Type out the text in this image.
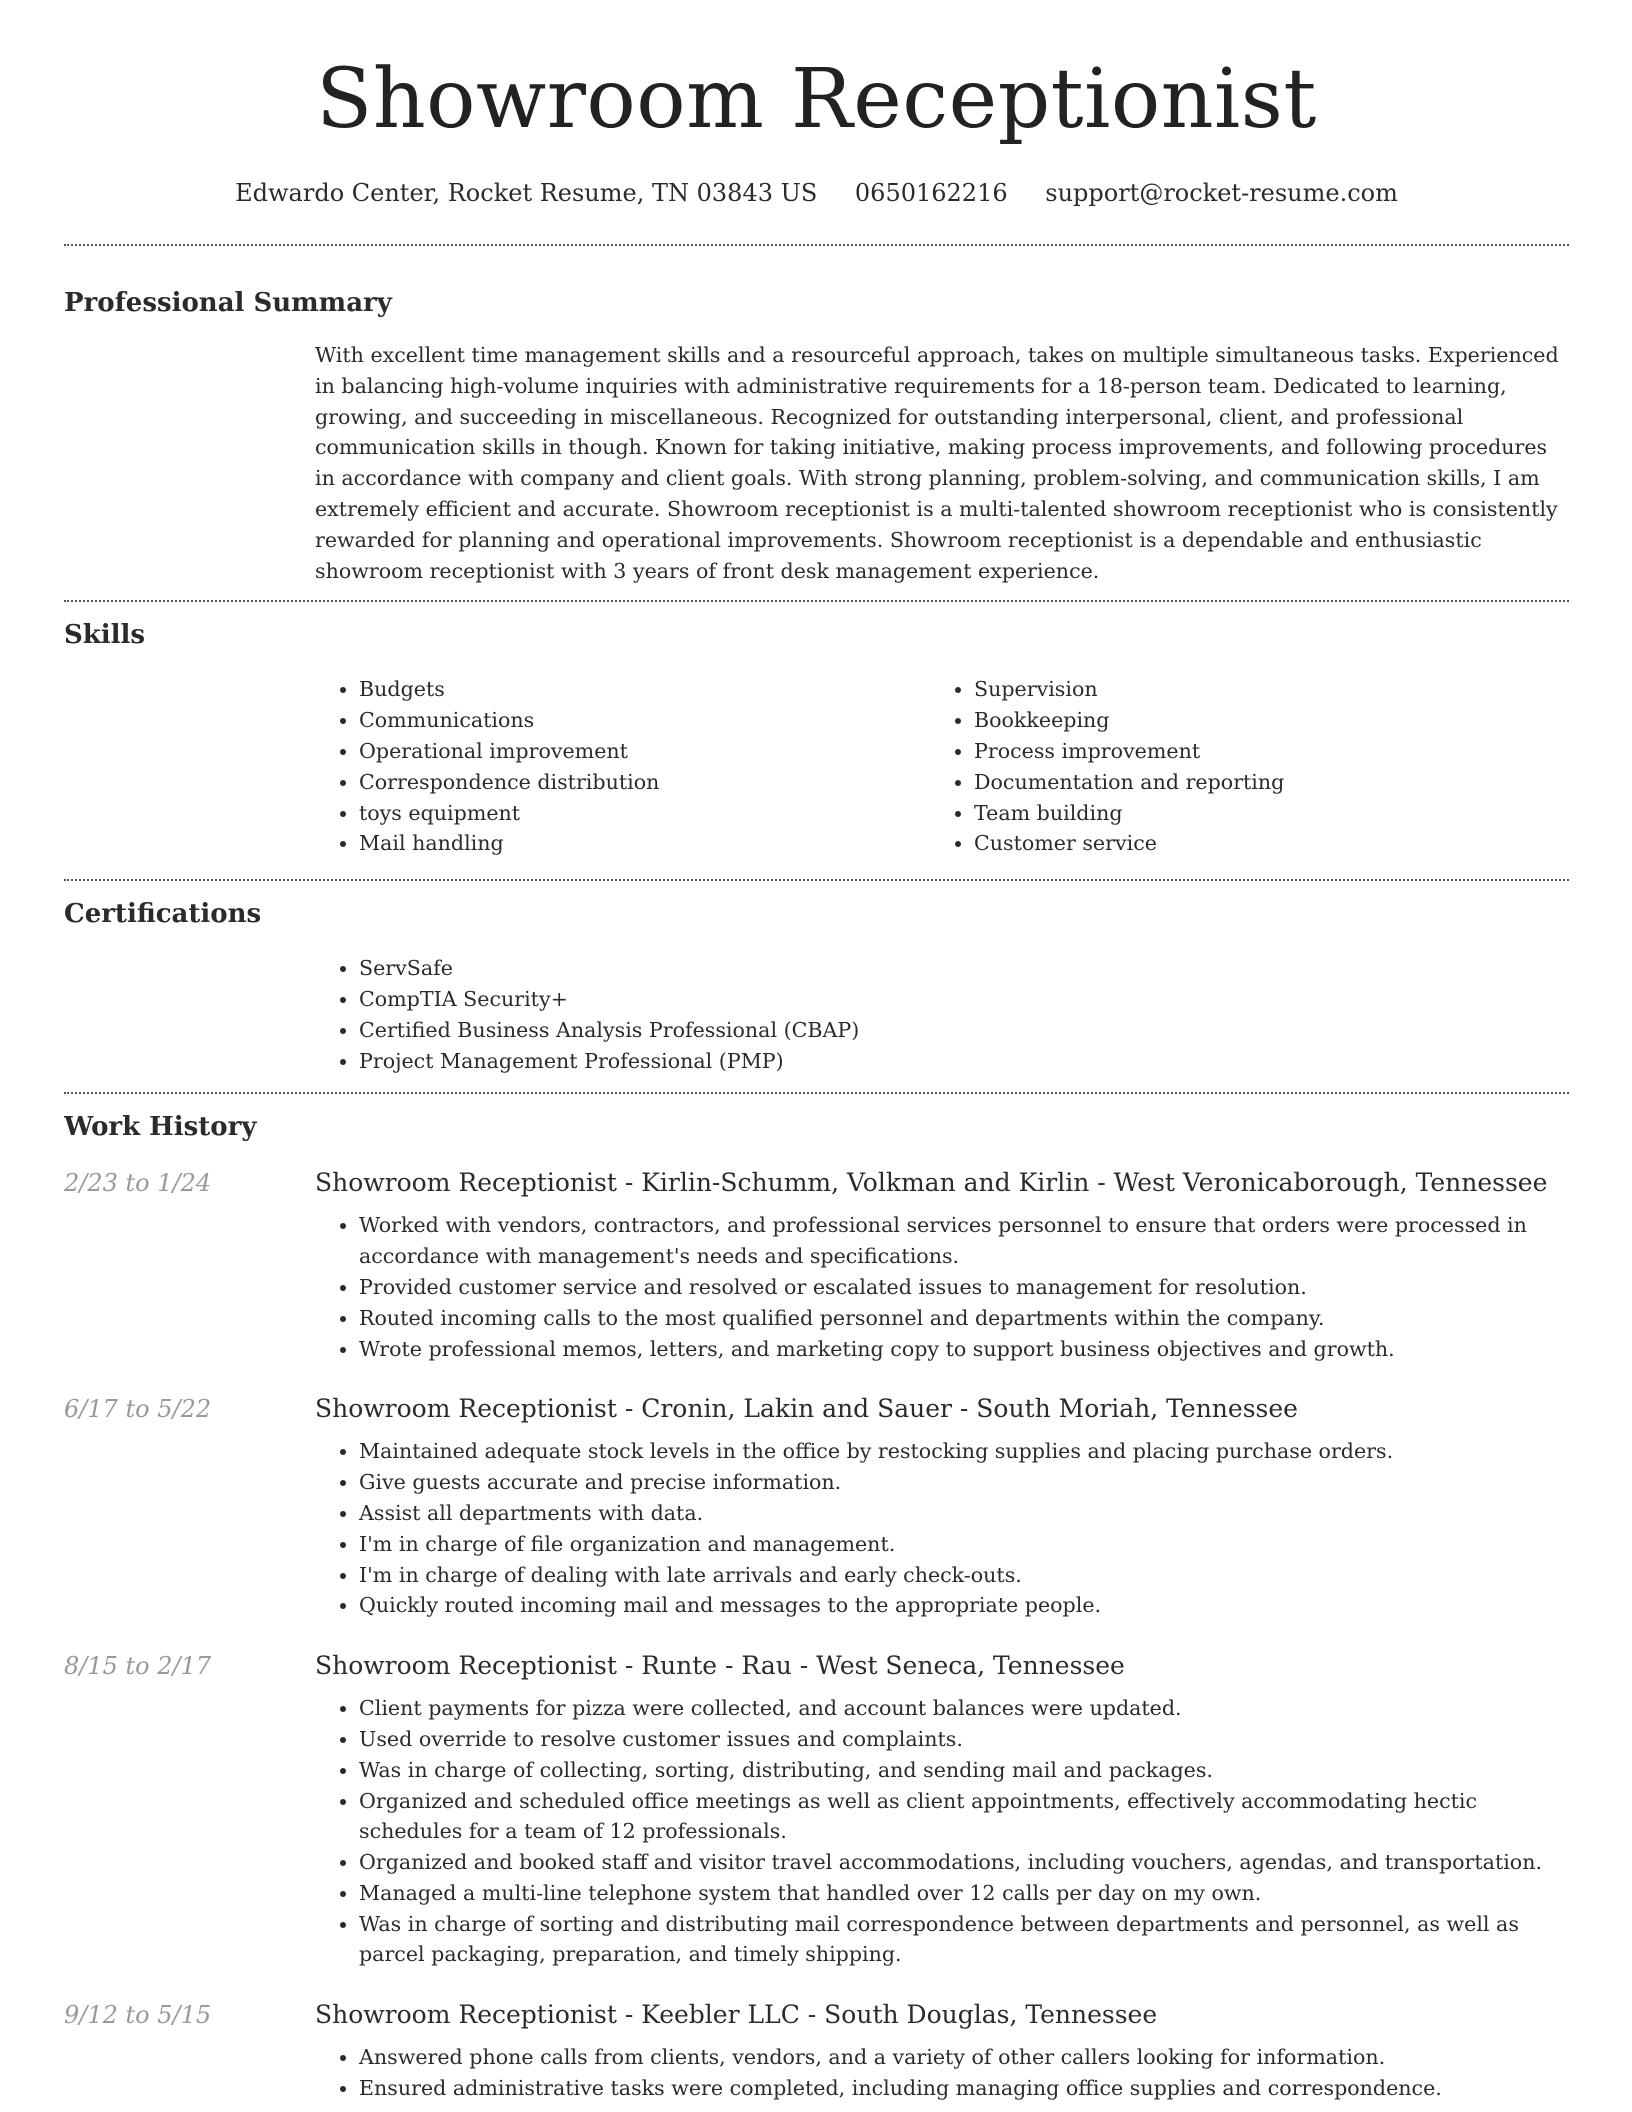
Showroom Receptionist
Edwardo Center, Rocket Resume, TN 03843 US 0650162216 support@rocket-resume.com
Professional Summary

With excellent time management skills and a resourceful approach, takes on multiple simultaneous tasks. Experienced in balancing high-volume inquiries with administrative requirements for a 18-person team. Dedicated to learning, growing, and succeeding in miscellaneous. Recognized for outstanding interpersonal, client, and professional communication skills in though. Known for taking initiative, making process improvements, and following procedures in accordance with company and client goals. With strong planning, problem-solving, and communication skills, I am extremely efficient and accurate. Showroom receptionist is a multi-talented showroom receptionist who is consistently rewarded for planning and operational improvements. Showroom receptionist is a dependable and enthusiastic showroom receptionist with 3 years of front desk management experience.

Skills
• Budgets
• Communications
• Operational improvement
• Correspondence distribution
• toys equipment
• Mail handling
• Supervision
• Bookkeeping
• Process improvement
• Documentation and reporting
• Team building
• Customer service
Certifications
• ServSafe
• CompTIA Security+
• Certified Business Analysis Professional (CBAP)
• Project Management Professional (PMP)
Work History
2/23 to 1/24	Showroom Receptionist - Kirlin-Schumm, Volkman and Kirlin - West Veronicaborough, Tennessee
• Worked with vendors, contractors, and professional services personnel to ensure that orders were processed in accordance with management's needs and specifications.
• Provided customer service and resolved or escalated issues to management for resolution.
• Routed incoming calls to the most qualified personnel and departments within the company.
• Wrote professional memos, letters, and marketing copy to support business objectives and growth.
6/17 to 5/22	Showroom Receptionist - Cronin, Lakin and Sauer - South Moriah, Tennessee
• Maintained adequate stock levels in the office by restocking supplies and placing purchase orders.
• Give guests accurate and precise information.
• Assist all departments with data.
• I'm in charge of file organization and management.
• I'm in charge of dealing with late arrivals and early check-outs.
• Quickly routed incoming mail and messages to the appropriate people.
8/15 to 2/17	Showroom Receptionist - Runte - Rau - West Seneca, Tennessee
• Client payments for pizza were collected, and account balances were updated.
• Used override to resolve customer issues and complaints.
• Was in charge of collecting, sorting, distributing, and sending mail and packages.
• Organized and scheduled office meetings as well as client appointments, effectively accommodating hectic schedules for a team of 12 professionals.
• Organized and booked staff and visitor travel accommodations, including vouchers, agendas, and transportation.
• Managed a multi-line telephone system that handled over 12 calls per day on my own.
• Was in charge of sorting and distributing mail correspondence between departments and personnel, as well as parcel packaging, preparation, and timely shipping.
9/12 to 5/15	Showroom Receptionist - Keebler LLC - South Douglas, Tennessee
• Answered phone calls from clients, vendors, and a variety of other callers looking for information.
• Ensured administrative tasks were completed, including managing office supplies and correspondence.
